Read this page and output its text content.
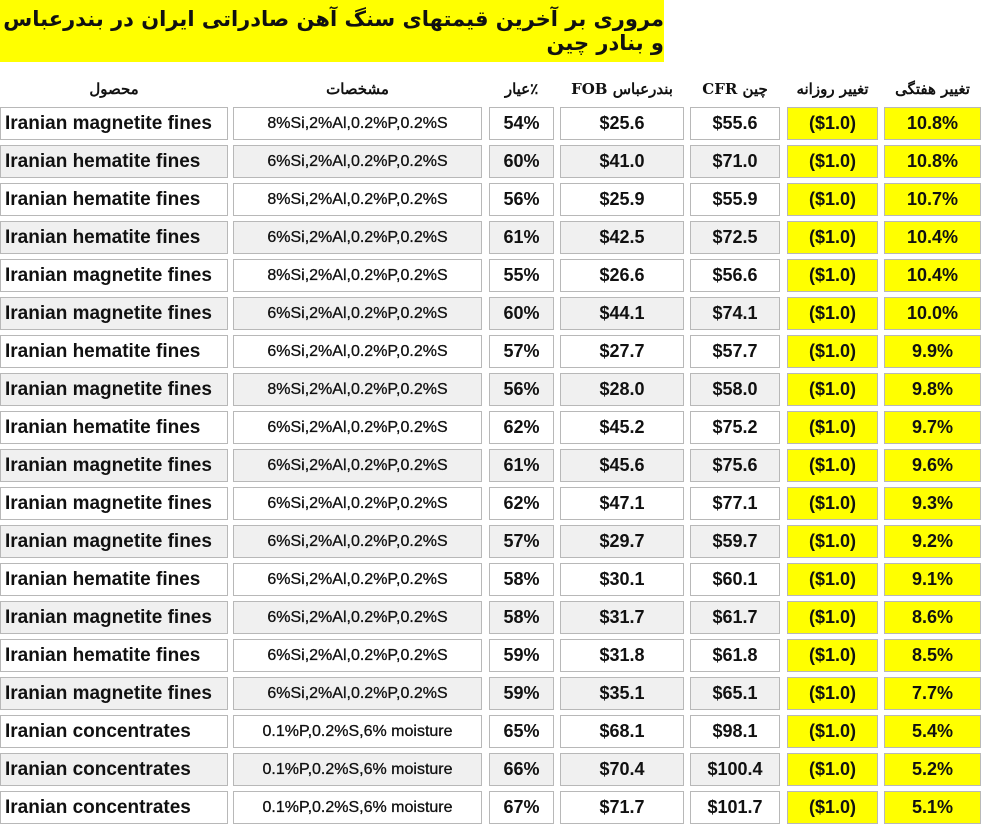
مروری بر آخرین قیمتهای سنگ آهن صادراتی ایران در بندرعباس و بنادر چین
محصول	مشخصات	٪عیار	بندرعباس FOB	چین CFR	تغییر روزانه	تغییر هفتگی
Iranian magnetite fines	8%Si,2%Al,0.2%P,0.2%S	54%	$25.6	$55.6	($1.0)	10.8%
Iranian hematite fines	6%Si,2%Al,0.2%P,0.2%S	60%	$41.0	$71.0	($1.0)	10.8%
Iranian hematite fines	8%Si,2%Al,0.2%P,0.2%S	56%	$25.9	$55.9	($1.0)	10.7%
Iranian hematite fines	6%Si,2%Al,0.2%P,0.2%S	61%	$42.5	$72.5	($1.0)	10.4%
Iranian magnetite fines	8%Si,2%Al,0.2%P,0.2%S	55%	$26.6	$56.6	($1.0)	10.4%
Iranian magnetite fines	6%Si,2%Al,0.2%P,0.2%S	60%	$44.1	$74.1	($1.0)	10.0%
Iranian hematite fines	6%Si,2%Al,0.2%P,0.2%S	57%	$27.7	$57.7	($1.0)	9.9%
Iranian magnetite fines	8%Si,2%Al,0.2%P,0.2%S	56%	$28.0	$58.0	($1.0)	9.8%
Iranian hematite fines	6%Si,2%Al,0.2%P,0.2%S	62%	$45.2	$75.2	($1.0)	9.7%
Iranian magnetite fines	6%Si,2%Al,0.2%P,0.2%S	61%	$45.6	$75.6	($1.0)	9.6%
Iranian magnetite fines	6%Si,2%Al,0.2%P,0.2%S	62%	$47.1	$77.1	($1.0)	9.3%
Iranian magnetite fines	6%Si,2%Al,0.2%P,0.2%S	57%	$29.7	$59.7	($1.0)	9.2%
Iranian hematite fines	6%Si,2%Al,0.2%P,0.2%S	58%	$30.1	$60.1	($1.0)	9.1%
Iranian magnetite fines	6%Si,2%Al,0.2%P,0.2%S	58%	$31.7	$61.7	($1.0)	8.6%
Iranian hematite fines	6%Si,2%Al,0.2%P,0.2%S	59%	$31.8	$61.8	($1.0)	8.5%
Iranian magnetite fines	6%Si,2%Al,0.2%P,0.2%S	59%	$35.1	$65.1	($1.0)	7.7%
Iranian concentrates	0.1%P,0.2%S,6% moisture	65%	$68.1	$98.1	($1.0)	5.4%
Iranian concentrates	0.1%P,0.2%S,6% moisture	66%	$70.4	$100.4	($1.0)	5.2%
Iranian concentrates	0.1%P,0.2%S,6% moisture	67%	$71.7	$101.7	($1.0)	5.1%
